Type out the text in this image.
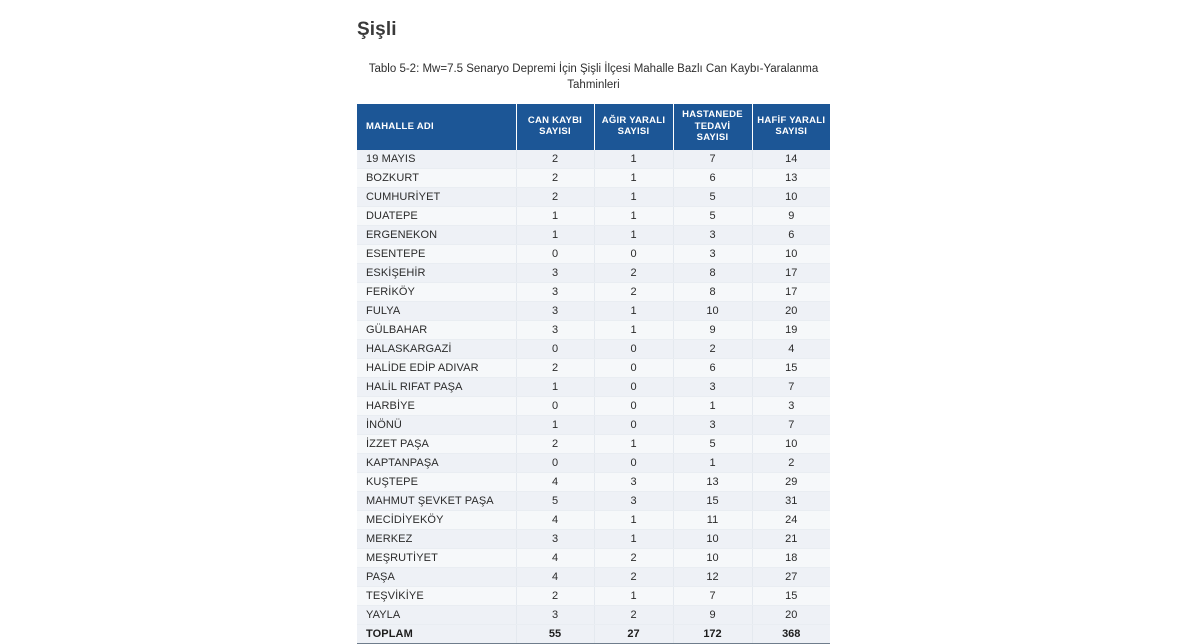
Şişli
Tablo 5-2: Mw=7.5 Senaryo Depremi İçin Şişli İlçesi Mahalle Bazlı Can Kaybı-Yaralanma Tahminleri
MAHALLE ADI	CAN KAYBI SAYISI	AĞIR YARALI SAYISI	HASTANEDE TEDAVİ SAYISI	HAFİF YARALI SAYISI
19 MAYIS	2	1	7	14
BOZKURT	2	1	6	13
CUMHURİYET	2	1	5	10
DUATEPE	1	1	5	9
ERGENEKON	1	1	3	6
ESENTEPE	0	0	3	10
ESKİŞEHİR	3	2	8	17
FERİKÖY	3	2	8	17
FULYA	3	1	10	20
GÜLBAHAR	3	1	9	19
HALASKARGAZİ	0	0	2	4
HALİDE EDİP ADIVAR	2	0	6	15
HALİL RIFAT PAŞA	1	0	3	7
HARBİYE	0	0	1	3
İNÖNÜ	1	0	3	7
İZZET PAŞA	2	1	5	10
KAPTANPAŞA	0	0	1	2
KUŞTEPE	4	3	13	29
MAHMUT ŞEVKET PAŞA	5	3	15	31
MECİDİYEKÖY	4	1	11	24
MERKEZ	3	1	10	21
MEŞRUTİYET	4	2	10	18
PAŞA	4	2	12	27
TEŞVİKİYE	2	1	7	15
YAYLA	3	2	9	20
TOPLAM	55	27	172	368
